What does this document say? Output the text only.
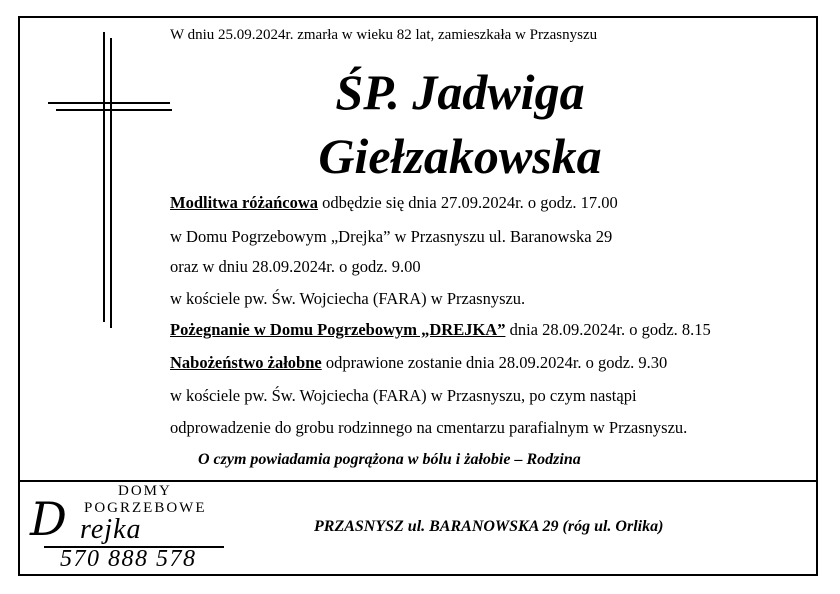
W dniu 25.09.2024r. zmarła w wieku 82 lat, zamieszkała w Przasnyszu
ŚP. Jadwiga
Giełzakowska
Modlitwa różańcowa odbędzie się dnia 27.09.2024r. o godz. 17.00
w Domu Pogrzebowym „Drejka” w Przasnyszu ul. Baranowska 29
oraz w dniu 28.09.2024r. o godz. 9.00
w kościele pw. Św. Wojciecha (FARA) w Przasnyszu.
Pożegnanie w Domu Pogrzebowym „DREJKA” dnia 28.09.2024r. o godz. 8.15
Nabożeństwo żałobne odprawione zostanie dnia 28.09.2024r. o godz. 9.30
w kościele pw. Św. Wojciecha (FARA) w Przasnyszu, po czym nastąpi
odprowadzenie do grobu rodzinnego na cmentarzu parafialnym w Przasnyszu.
O czym powiadamia pogrążona w bólu i żałobie – Rodzina
DOMY
POGRZEBOWE
D rejka
570 888 578
PRZASNYSZ ul. BARANOWSKA 29 (róg ul. Orlika)
